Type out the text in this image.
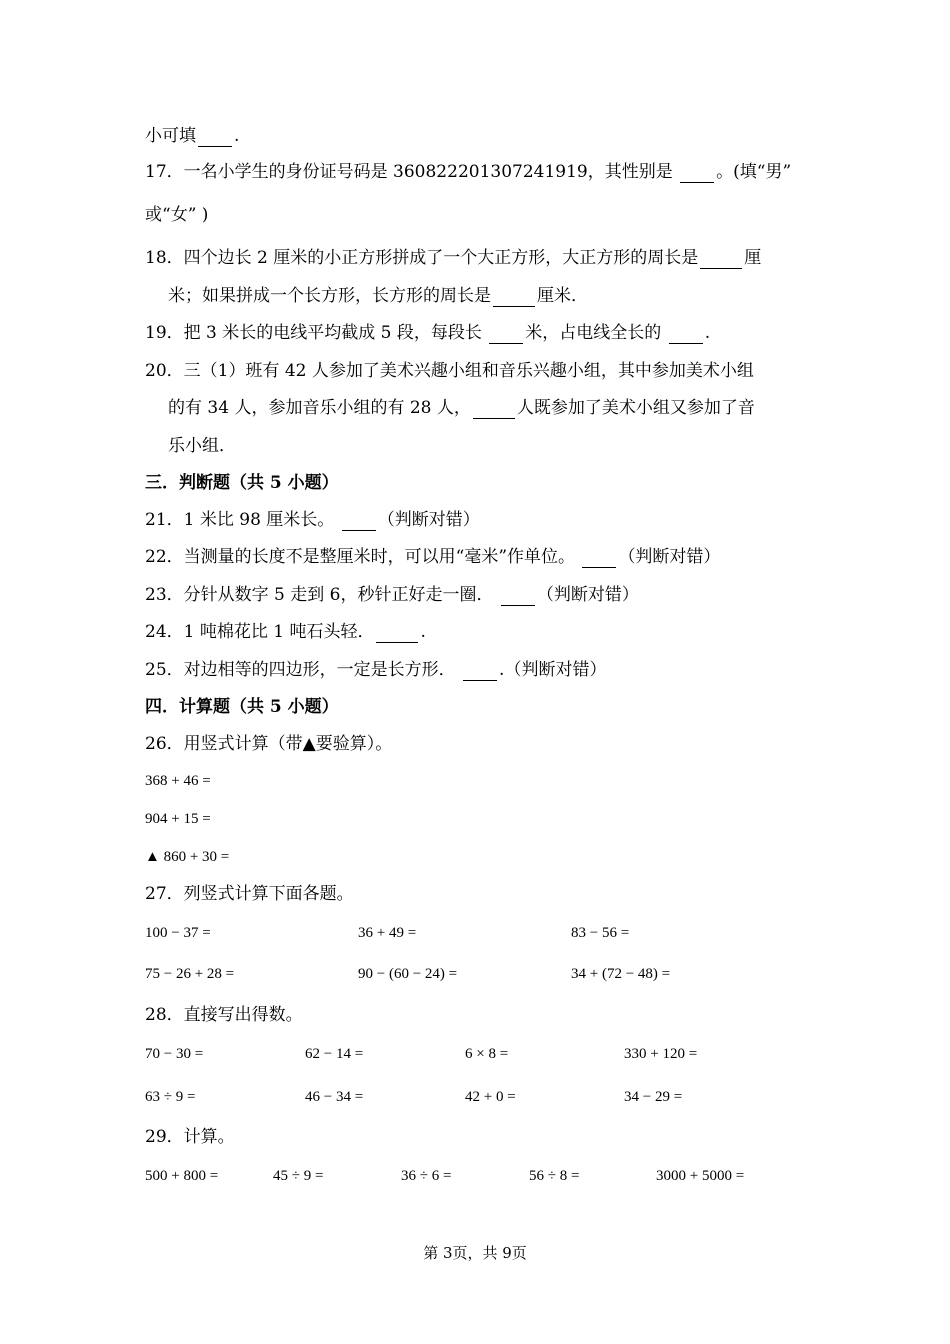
小可填 .
17．一名小学生的身份证号码是 360822201307241919，其性别是 。(填“男”
或“女” )
18．四个边长 2 厘米的小正方形拼成了一个大正方形，大正方形的周长是	厘
米；如果拼成一个长方形，长方形的周长是	厘米．
19．把 3 米长的电线平均截成 5 段，每段长 米，占电线全长的 .
20．三（1）班有 42 人参加了美术兴趣小组和音乐兴趣小组，其中参加美术小组
的有 34 人，参加音乐小组的有 28 人，	人既参加了美术小组又参加了音
乐小组．
三．判断题（共 5 小题）
21．1 米比 98 厘米长。 （判断对错）
22．当测量的长度不是整厘米时，可以用“毫米”作单位。 （判断对错）
23．分针从数字 5 走到 6，秒针正好走一圈． （判断对错）
24．1 吨棉花比 1 吨石头轻．	.
25．对边相等的四边形，一定是长方形． .（判断对错）
四．计算题（共 5 小题）
26．用竖式计算（带▲要验算）。
368 + 46 =
904 + 15 =
▲ 860 + 30 =
27．列竖式计算下面各题。
100 − 37 =	36 + 49 =	83 − 56 =
75 − 26 + 28 =	90 − (60 − 24) =	34 + (72 − 48) =
28．直接写出得数。
70 − 30 =	62 − 14 =	6 × 8 =	330 + 120 =
63 ÷ 9 =	46 − 34 =	42 + 0 =	34 − 29 =
29．计算。
500 + 800 =	45 ÷ 9 =	36 ÷ 6 =	56 ÷ 8 =	3000 + 5000 =
第 3页，共 9页
